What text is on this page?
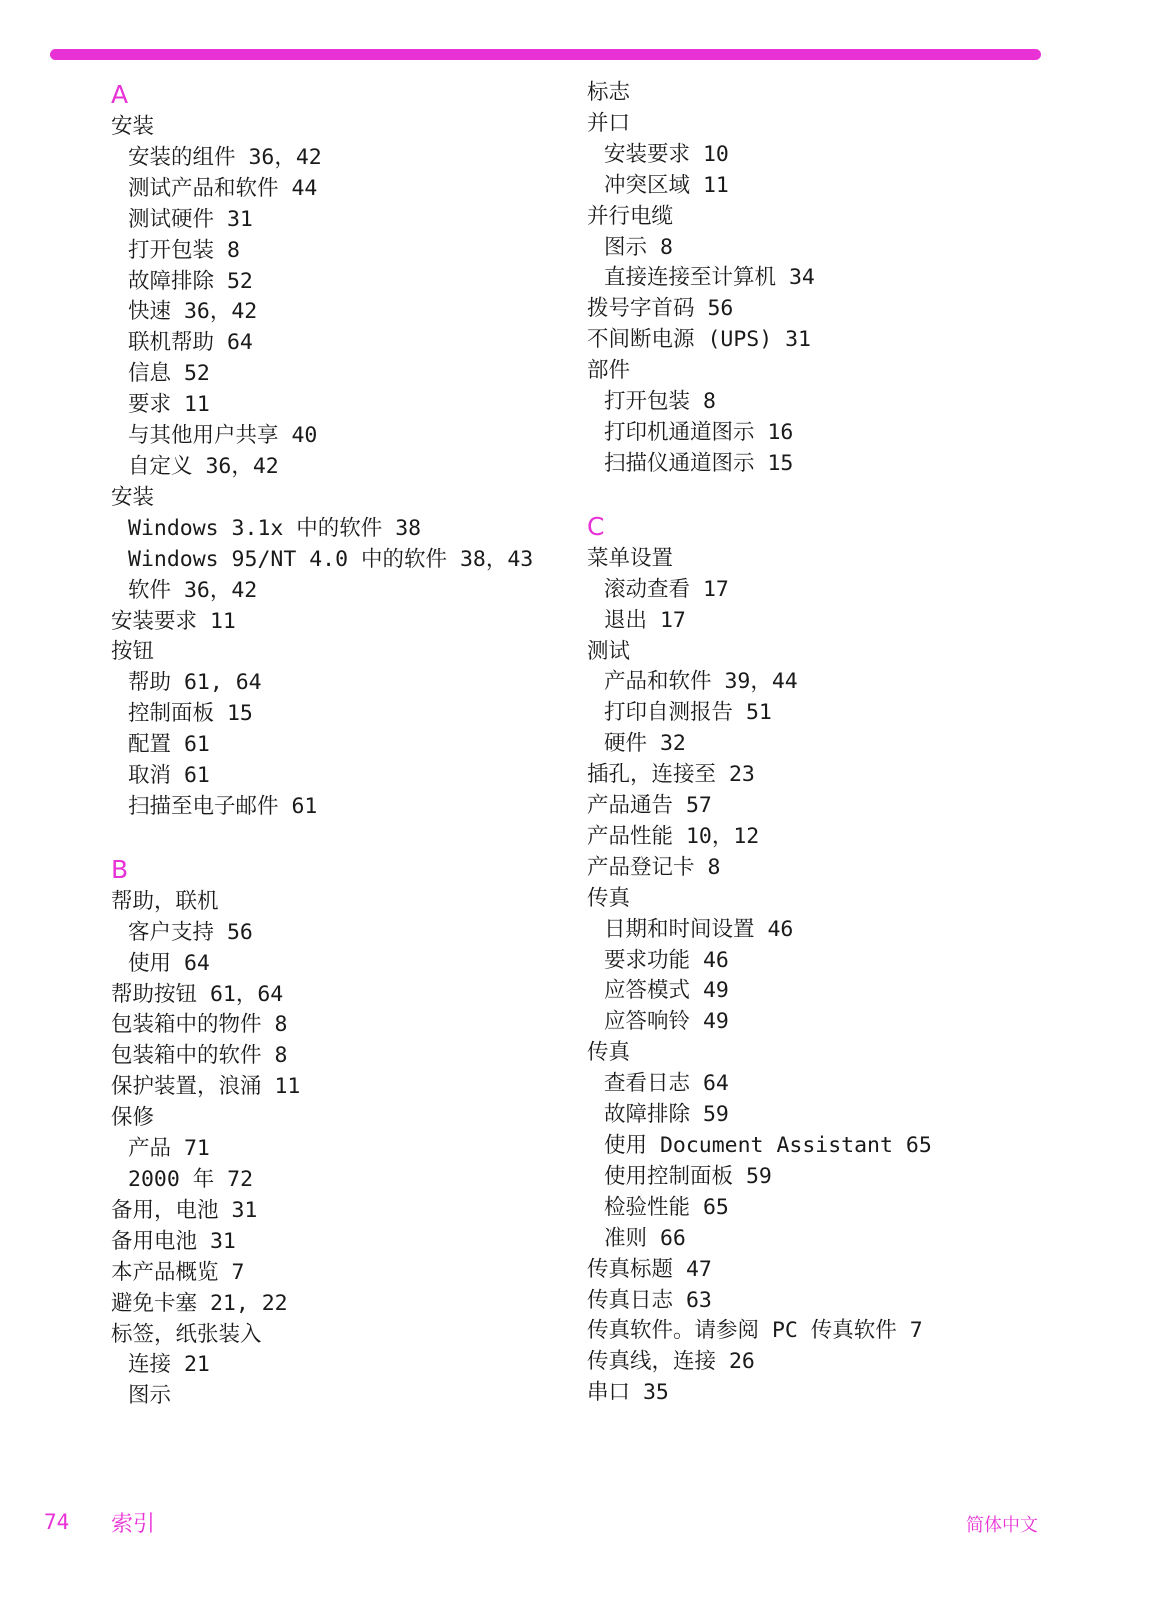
A
安装
安装的组件 36，42
测试产品和软件 44
测试硬件 31
打开包装 8
故障排除 52
快速 36，42
联机帮助 64
信息 52
要求 11
与其他用户共享 40
自定义 36，42
安装
Windows 3.1x 中的软件 38
Windows 95/NT 4.0 中的软件 38，43
软件 36，42
安装要求 11
按钮
帮助 61, 64
控制面板 15
配置 61
取消 61
扫描至电子邮件 61
B
帮助，联机
客户支持 56
使用 64
帮助按钮 61，64
包装箱中的物件 8
包装箱中的软件 8
保护装置，浪涌 11
保修
产品 71
2000 年 72
备用，电池 31
备用电池 31
本产品概览 7
避免卡塞 21, 22
标签，纸张装入
连接 21
图示
标志
并口
安装要求 10
冲突区域 11
并行电缆
图示 8
直接连接至计算机 34
拨号字首码 56
不间断电源 (UPS) 31
部件
打开包装 8
打印机通道图示 16
扫描仪通道图示 15
C
菜单设置
滚动查看 17
退出 17
测试
产品和软件 39，44
打印自测报告 51
硬件 32
插孔，连接至 23
产品通告 57
产品性能 10，12
产品登记卡 8
传真
日期和时间设置 46
要求功能 46
应答模式 49
应答响铃 49
传真
查看日志 64
故障排除 59
使用 Document Assistant 65
使用控制面板 59
检验性能 65
准则 66
传真标题 47
传真日志 63
传真软件。请参阅 PC 传真软件 7
传真线，连接 26
串口 35
74 索引	简体中文
